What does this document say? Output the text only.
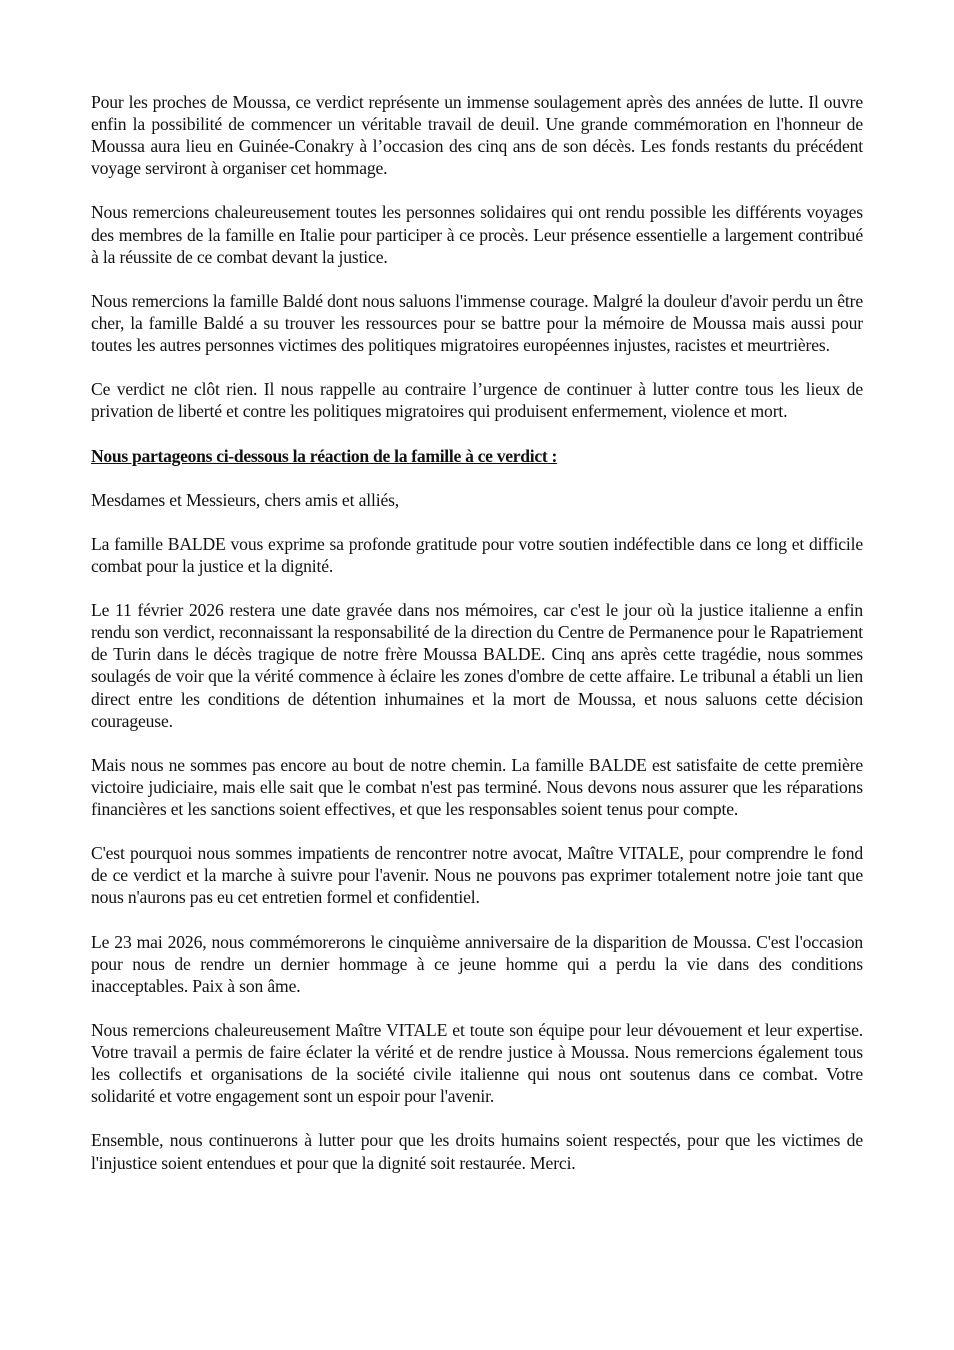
Pour les proches de Moussa, ce verdict représente un immense soulagement après des années de lutte. Il ouvre enfin la possibilité de commencer un véritable travail de deuil. Une grande commémoration en l'honneur de Moussa aura lieu en Guinée-Conakry à l’occasion des cinq ans de son décès. Les fonds restants du précédent voyage serviront à organiser cet hommage.

Nous remercions chaleureusement toutes les personnes solidaires qui ont rendu possible les différents voyages des membres de la famille en Italie pour participer à ce procès. Leur présence essentielle a largement contribué à la réussite de ce combat devant la justice.

Nous remercions la famille Baldé dont nous saluons l'immense courage. Malgré la douleur d'avoir perdu un être cher, la famille Baldé a su trouver les ressources pour se battre pour la mémoire de Moussa mais aussi pour toutes les autres personnes victimes des politiques migratoires européennes injustes, racistes et meurtrières.

Ce verdict ne clôt rien. Il nous rappelle au contraire l’urgence de continuer à lutter contre tous les lieux de privation de liberté et contre les politiques migratoires qui produisent enfermement, violence et mort.

Nous partageons ci-dessous la réaction de la famille à ce verdict :

Mesdames et Messieurs, chers amis et alliés,

La famille BALDE vous exprime sa profonde gratitude pour votre soutien indéfectible dans ce long et difficile combat pour la justice et la dignité.

Le 11 février 2026 restera une date gravée dans nos mémoires, car c'est le jour où la justice italienne a enfin rendu son verdict, reconnaissant la responsabilité de la direction du Centre de Permanence pour le Rapatriement de Turin dans le décès tragique de notre frère Moussa BALDE. Cinq ans après cette tragédie, nous sommes soulagés de voir que la vérité commence à éclaire les zones d'ombre de cette affaire. Le tribunal a établi un lien direct entre les conditions de détention inhumaines et la mort de Moussa, et nous saluons cette décision courageuse.

Mais nous ne sommes pas encore au bout de notre chemin. La famille BALDE est satisfaite de cette première victoire judiciaire, mais elle sait que le combat n'est pas terminé. Nous devons nous assurer que les réparations financières et les sanctions soient effectives, et que les responsables soient tenus pour compte.

C'est pourquoi nous sommes impatients de rencontrer notre avocat, Maître VITALE, pour comprendre le fond de ce verdict et la marche à suivre pour l'avenir. Nous ne pouvons pas exprimer totalement notre joie tant que nous n'aurons pas eu cet entretien formel et confidentiel.

Le 23 mai 2026, nous commémorerons le cinquième anniversaire de la disparition de Moussa. C'est l'occasion pour nous de rendre un dernier hommage à ce jeune homme qui a perdu la vie dans des conditions inacceptables. Paix à son âme.

Nous remercions chaleureusement Maître VITALE et toute son équipe pour leur dévouement et leur expertise. Votre travail a permis de faire éclater la vérité et de rendre justice à Moussa. Nous remercions également tous les collectifs et organisations de la société civile italienne qui nous ont soutenus dans ce combat. Votre solidarité et votre engagement sont un espoir pour l'avenir.

Ensemble, nous continuerons à lutter pour que les droits humains soient respectés, pour que les victimes de l'injustice soient entendues et pour que la dignité soit restaurée. Merci.
